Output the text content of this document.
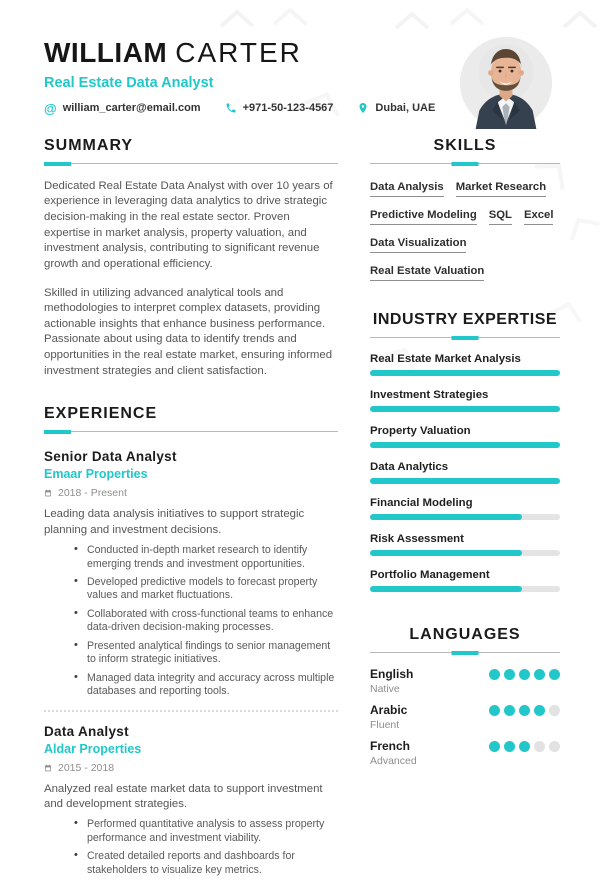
WILLIAM CARTER
Real Estate Data Analyst
@ william_carter@email.com	+971-50-123-4567	Dubai, UAE
SUMMARY

Dedicated Real Estate Data Analyst with over 10 years of experience in leveraging data analytics to drive strategic decision-making in the real estate sector. Proven expertise in market analysis, property valuation, and investment analysis, contributing to significant revenue growth and operational efficiency.

Skilled in utilizing advanced analytical tools and methodologies to interpret complex datasets, providing actionable insights that enhance business performance. Passionate about using data to identify trends and opportunities in the real estate market, ensuring informed investment strategies and client satisfaction.

EXPERIENCE
Senior Data Analyst
Emaar Properties
2018 - Present
Leading data analysis initiatives to support strategic planning and investment decisions.
• Conducted in-depth market research to identify emerging trends and investment opportunities.
• Developed predictive models to forecast property values and market fluctuations.
• Collaborated with cross-functional teams to enhance data-driven decision-making processes.
• Presented analytical findings to senior management to inform strategic initiatives.
• Managed data integrity and accuracy across multiple databases and reporting tools.
Data Analyst
Aldar Properties
2015 - 2018
Analyzed real estate market data to support investment and development strategies.
• Performed quantitative analysis to assess property performance and investment viability.
• Created detailed reports and dashboards for stakeholders to visualize key metrics.
SKILLS
Data Analysis Market Research
Predictive Modeling SQL Excel
Data Visualization
Real Estate Valuation
INDUSTRY EXPERTISE
Real Estate Market Analysis
Investment Strategies
Property Valuation
Data Analytics
Financial Modeling
Risk Assessment
Portfolio Management
LANGUAGES
English
Native
Arabic
Fluent
French
Advanced
